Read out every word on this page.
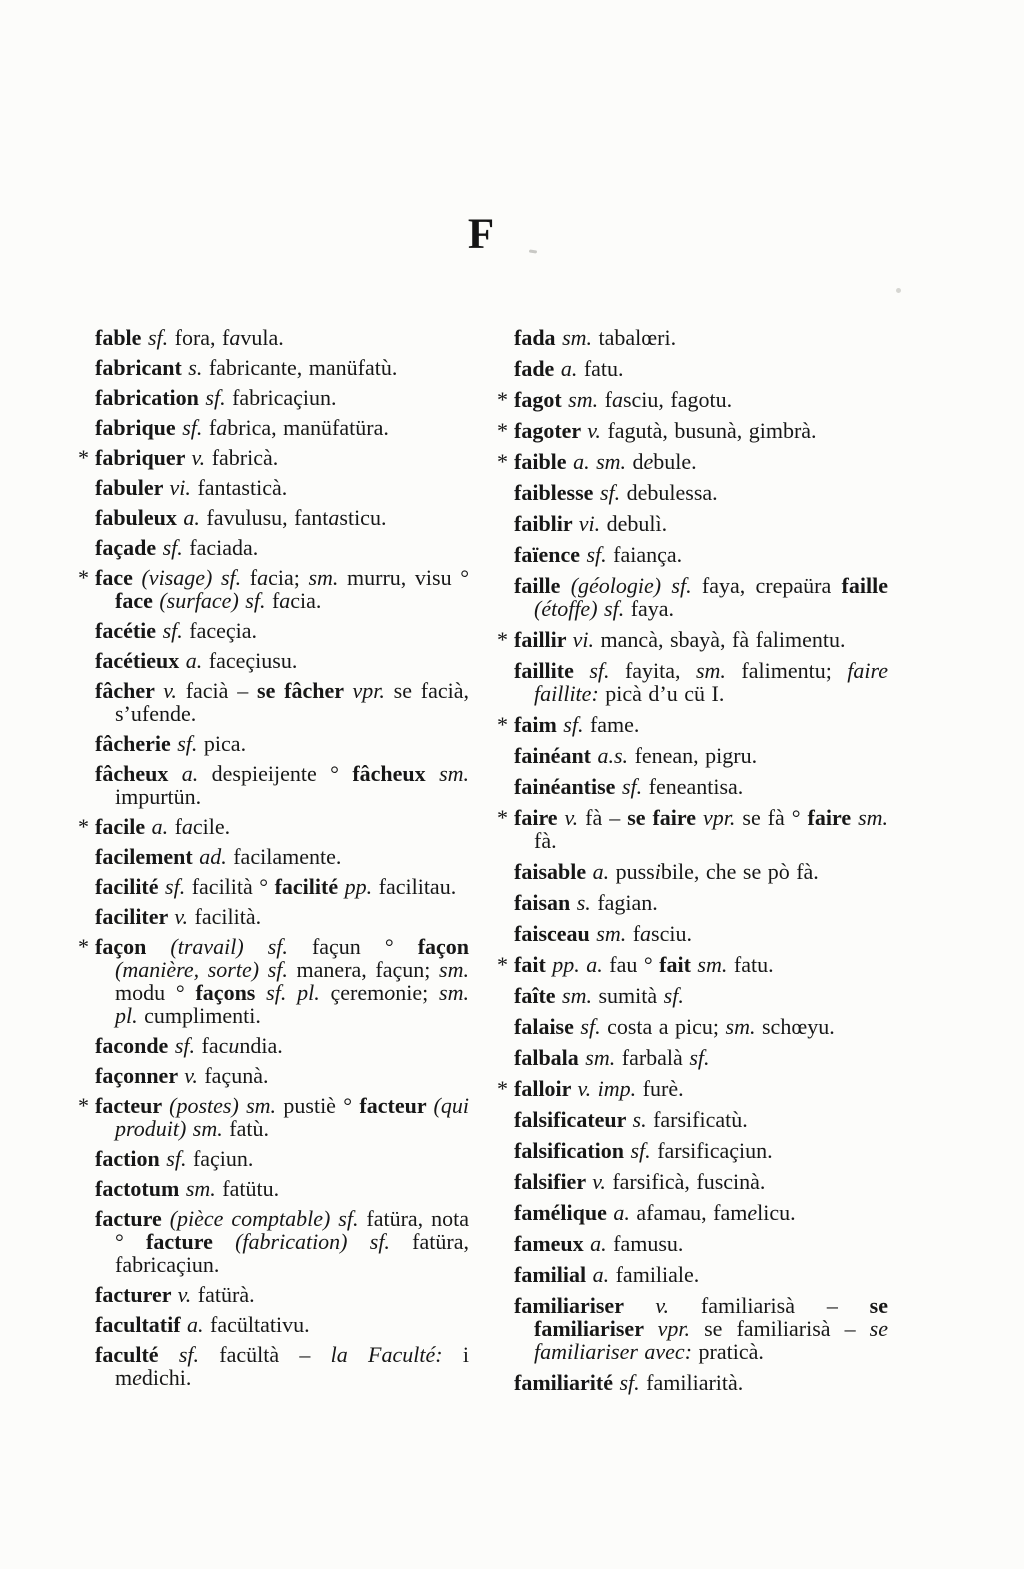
F

fable sf. fora, favula.

fabricant s. fabricante, manüfatù.

fabrication sf. fabricaçiun.

fabrique sf. fabrica, manüfatüra.

* fabriquer v. fabricà.

fabuler vi. fantasticà.

fabuleux a. favulusu, fantasticu.

façade sf. faciada.

* face (visage) sf. facia; sm. murru, visu ° face (surface) sf. facia.

facétie sf. faceçia.

facétieux a. faceçiusu.

fâcher v. facià – se fâcher vpr. se facià, s’ufende.

fâcherie sf. pica.

fâcheux a. despieijente ° fâcheux sm. impurtün.

* facile a. facile.

facilement ad. facilamente.

facilité sf. facilità ° facilité pp. facilitau.

faciliter v. facilità.

* façon (travail) sf. façun ° façon (manière, sorte) sf. manera, façun; sm. modu ° façons sf. pl. çeremonie; sm. pl. cumplimenti.

faconde sf. facundia.

façonner v. façunà.

* facteur (postes) sm. pustiè ° facteur (qui produit) sm. fatù.

faction sf. façiun.

factotum sm. fatütu.

facture (pièce comptable) sf. fatüra, nota ° facture (fabrication) sf. fatüra, fabricaçiun.

facturer v. fatürà.

facultatif a. facültativu.

faculté sf. facültà – la Faculté: i medichi.

fada sm. tabalœri.

fade a. fatu.

* fagot sm. fasciu, fagotu.

* fagoter v. fagutà, busunà, gimbrà.

* faible a. sm. debule.

faiblesse sf. debulessa.

faiblir vi. debulì.

faïence sf. faiança.

faille (géologie) sf. faya, crepaüra faille (étoffe) sf. faya.

* faillir vi. mancà, sbayà, fà falimentu.

faillite sf. fayita, sm. falimentu; faire faillite: picà d’u cü I.

* faim sf. fame.

fainéant a.s. fenean, pigru.

fainéantise sf. feneantisa.

* faire v. fà – se faire vpr. se fà ° faire sm. fà.

faisable a. pussibile, che se pò fà.

faisan s. fagian.

faisceau sm. fasciu.

* fait pp. a. fau ° fait sm. fatu.

faîte sm. sumità sf.

falaise sf. costa a picu; sm. schœyu.

falbala sm. farbalà sf.

* falloir v. imp. furè.

falsificateur s. farsificatù.

falsification sf. farsificaçiun.

falsifier v. farsificà, fuscinà.

famélique a. afamau, famelicu.

fameux a. famusu.

familial a. familiale.

familiariser v. familiarisà – se familiariser vpr. se familiarisà – se familiariser avec: praticà.

familiarité sf. familiarità.
